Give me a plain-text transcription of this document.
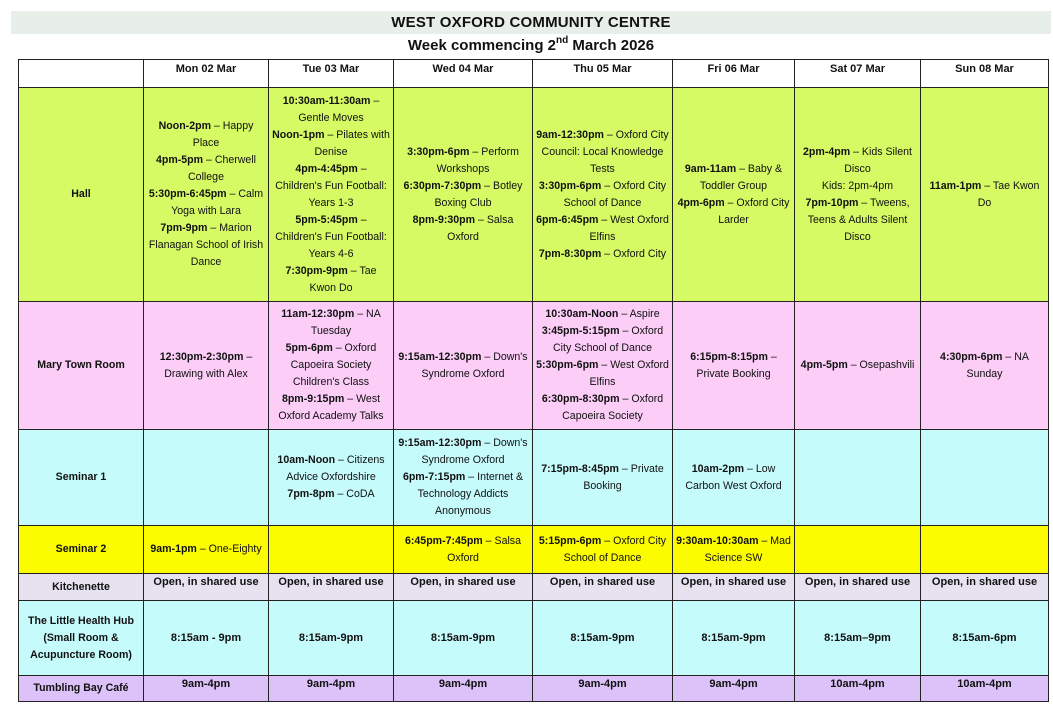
WEST OXFORD COMMUNITY CENTRE
Week commencing 2nd March 2026
	Mon 02 Mar	Tue 03 Mar	Wed 04 Mar	Thu 05 Mar	Fri 06 Mar	Sat 07 Mar	Sun 08 Mar
Hall	Noon-2pm – Happy Place
4pm-5pm – Cherwell College
5:30pm-6:45pm – Calm Yoga with Lara
7pm-9pm – Marion Flanagan School of Irish Dance	10:30am-11:30am – Gentle Moves
Noon-1pm – Pilates with Denise
4pm-4:45pm – Children's Fun Football: Years 1-3
5pm-5:45pm – Children's Fun Football: Years 4-6
7:30pm-9pm – Tae Kwon Do	3:30pm-6pm – Perform Workshops
6:30pm-7:30pm – Botley Boxing Club
8pm-9:30pm – Salsa Oxford	9am-12:30pm – Oxford City Council: Local Knowledge Tests
3:30pm-6pm – Oxford City School of Dance
6pm-6:45pm – West Oxford Elfins
7pm-8:30pm – Oxford City	9am-11am – Baby & Toddler Group
4pm-6pm – Oxford City Larder	2pm-4pm – Kids Silent Disco
Kids: 2pm-4pm
7pm-10pm – Tweens, Teens & Adults Silent Disco	11am-1pm – Tae Kwon Do

Mary Town Room	12:30pm-2:30pm – Drawing with Alex	11am-12:30pm – NA Tuesday
5pm-6pm – Oxford Capoeira Society Children's Class
8pm-9:15pm – West Oxford Academy Talks	9:15am-12:30pm – Down's Syndrome Oxford	10:30am-Noon – Aspire
3:45pm-5:15pm – Oxford City School of Dance
5:30pm-6pm – West Oxford Elfins
6:30pm-8:30pm – Oxford Capoeira Society	6:15pm-8:15pm – Private Booking	4pm-5pm – Osepashvili	4:30pm-6pm – NA Sunday

Seminar 1		10am-Noon – Citizens Advice Oxfordshire
7pm-8pm – CoDA	9:15am-12:30pm – Down's Syndrome Oxford
6pm-7:15pm – Internet & Technology Addicts Anonymous	7:15pm-8:45pm – Private Booking	10am-2pm – Low Carbon West Oxford		

Seminar 2	9am-1pm – One-Eighty		6:45pm-7:45pm – Salsa Oxford	5:15pm-6pm – Oxford City School of Dance	9:30am-10:30am – Mad Science SW		

Kitchenette	Open, in shared use	Open, in shared use	Open, in shared use	Open, in shared use	Open, in shared use	Open, in shared use	Open, in shared use
The Little Health Hub (Small Room & Acupuncture Room)	8:15am - 9pm	8:15am-9pm	8:15am-9pm	8:15am-9pm	8:15am-9pm	8:15am–9pm	8:15am-6pm
Tumbling Bay Café	9am-4pm	9am-4pm	9am-4pm	9am-4pm	9am-4pm	10am-4pm	10am-4pm
